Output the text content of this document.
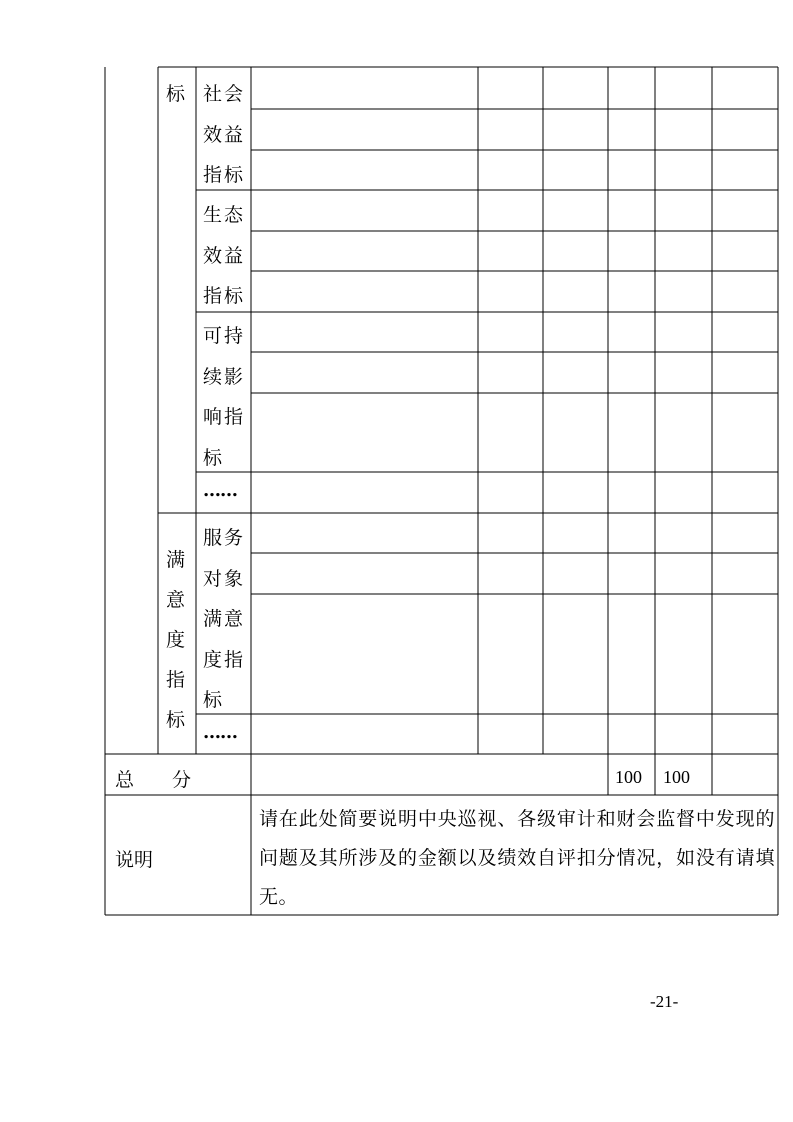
标 社会
效益
指标
生态
效益
指标
可持
续影
响指
标
……
满
意
度
指
标
服务
对象
满意
度指
标
……
总　　分	100 100
说明
请在此处简要说明中央巡视、各级审计和财会监督中发现的问题及其所涉及的金额以及绩效自评扣分情况，如没有请填无。
-21-
